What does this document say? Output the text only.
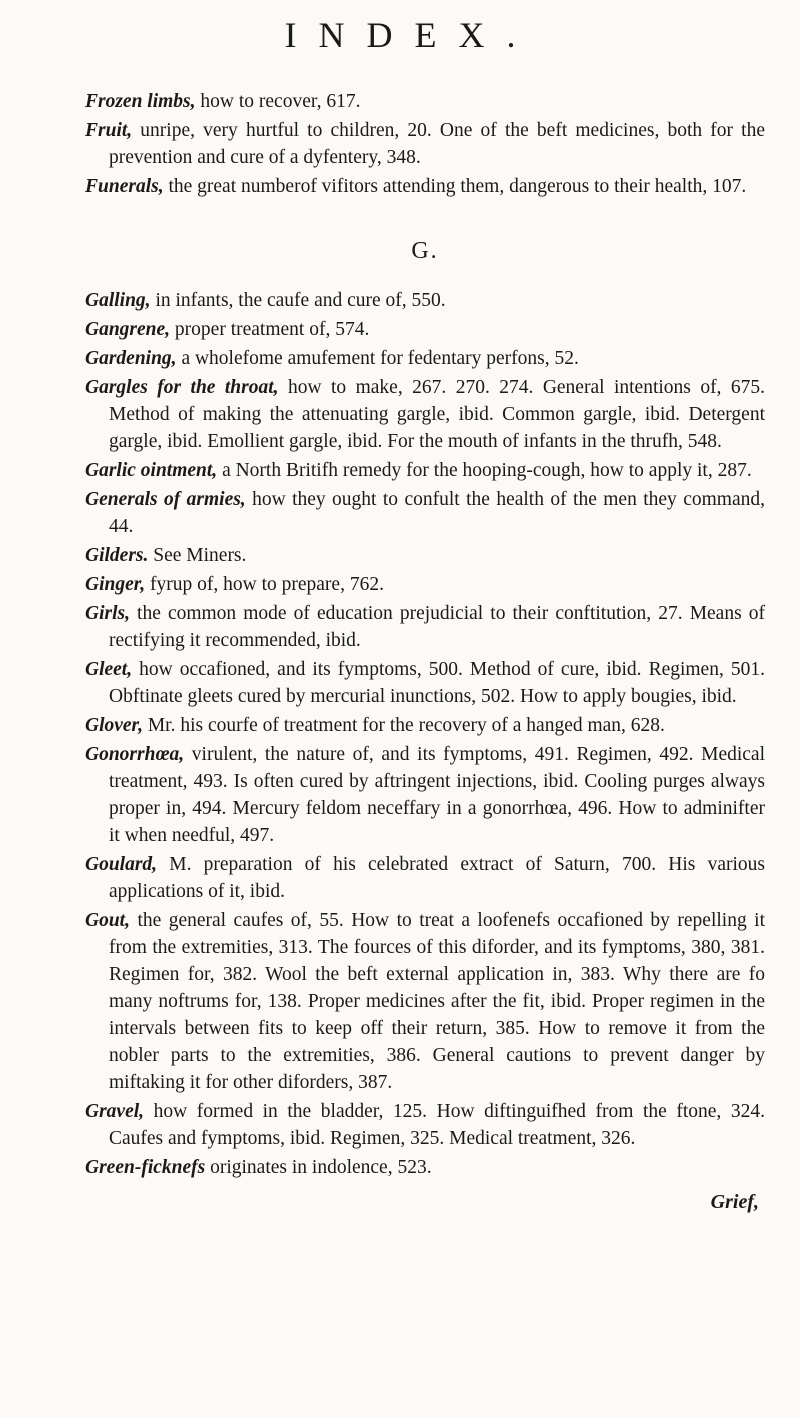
INDEX.

Frozen limbs, how to recover, 617.

Fruit, unripe, very hurtful to children, 20. One of the beft medicines, both for the prevention and cure of a dyfentery, 348.

Funerals, the great numberof vifitors attending them, dangerous to their health, 107.

G.

Galling, in infants, the caufe and cure of, 550.

Gangrene, proper treatment of, 574.

Gardening, a wholefome amufement for fedentary perfons, 52.

Gargles for the throat, how to make, 267. 270. 274. General intentions of, 675. Method of making the attenuating gargle, ibid. Common gargle, ibid. Detergent gargle, ibid. Emollient gargle, ibid. For the mouth of infants in the thrufh, 548.

Garlic ointment, a North Britifh remedy for the hooping-cough, how to apply it, 287.

Generals of armies, how they ought to confult the health of the men they command, 44.

Gilders. See Miners.

Ginger, fyrup of, how to prepare, 762.

Girls, the common mode of education prejudicial to their conftitution, 27. Means of rectifying it recommended, ibid.

Gleet, how occafioned, and its fymptoms, 500. Method of cure, ibid. Regimen, 501. Obftinate gleets cured by mercurial inunctions, 502. How to apply bougies, ibid.

Glover, Mr. his courfe of treatment for the recovery of a hanged man, 628.

Gonorrhœa, virulent, the nature of, and its fymptoms, 491. Regimen, 492. Medical treatment, 493. Is often cured by aftringent injections, ibid. Cooling purges always proper in, 494. Mercury feldom neceffary in a gonorrhœa, 496. How to adminifter it when needful, 497.

Goulard, M. preparation of his celebrated extract of Saturn, 700. His various applications of it, ibid.

Gout, the general caufes of, 55. How to treat a loofenefs occafioned by repelling it from the extremities, 313. The fources of this diforder, and its fymptoms, 380, 381. Regimen for, 382. Wool the beft external application in, 383. Why there are fo many noftrums for, 138. Proper medicines after the fit, ibid. Proper regimen in the intervals between fits to keep off their return, 385. How to remove it from the nobler parts to the extremities, 386. General cautions to prevent danger by miftaking it for other diforders, 387.

Gravel, how formed in the bladder, 125. How diftinguifhed from the ftone, 324. Caufes and fymptoms, ibid. Regimen, 325. Medical treatment, 326.

Green-ficknefs originates in indolence, 523.

Grief,
